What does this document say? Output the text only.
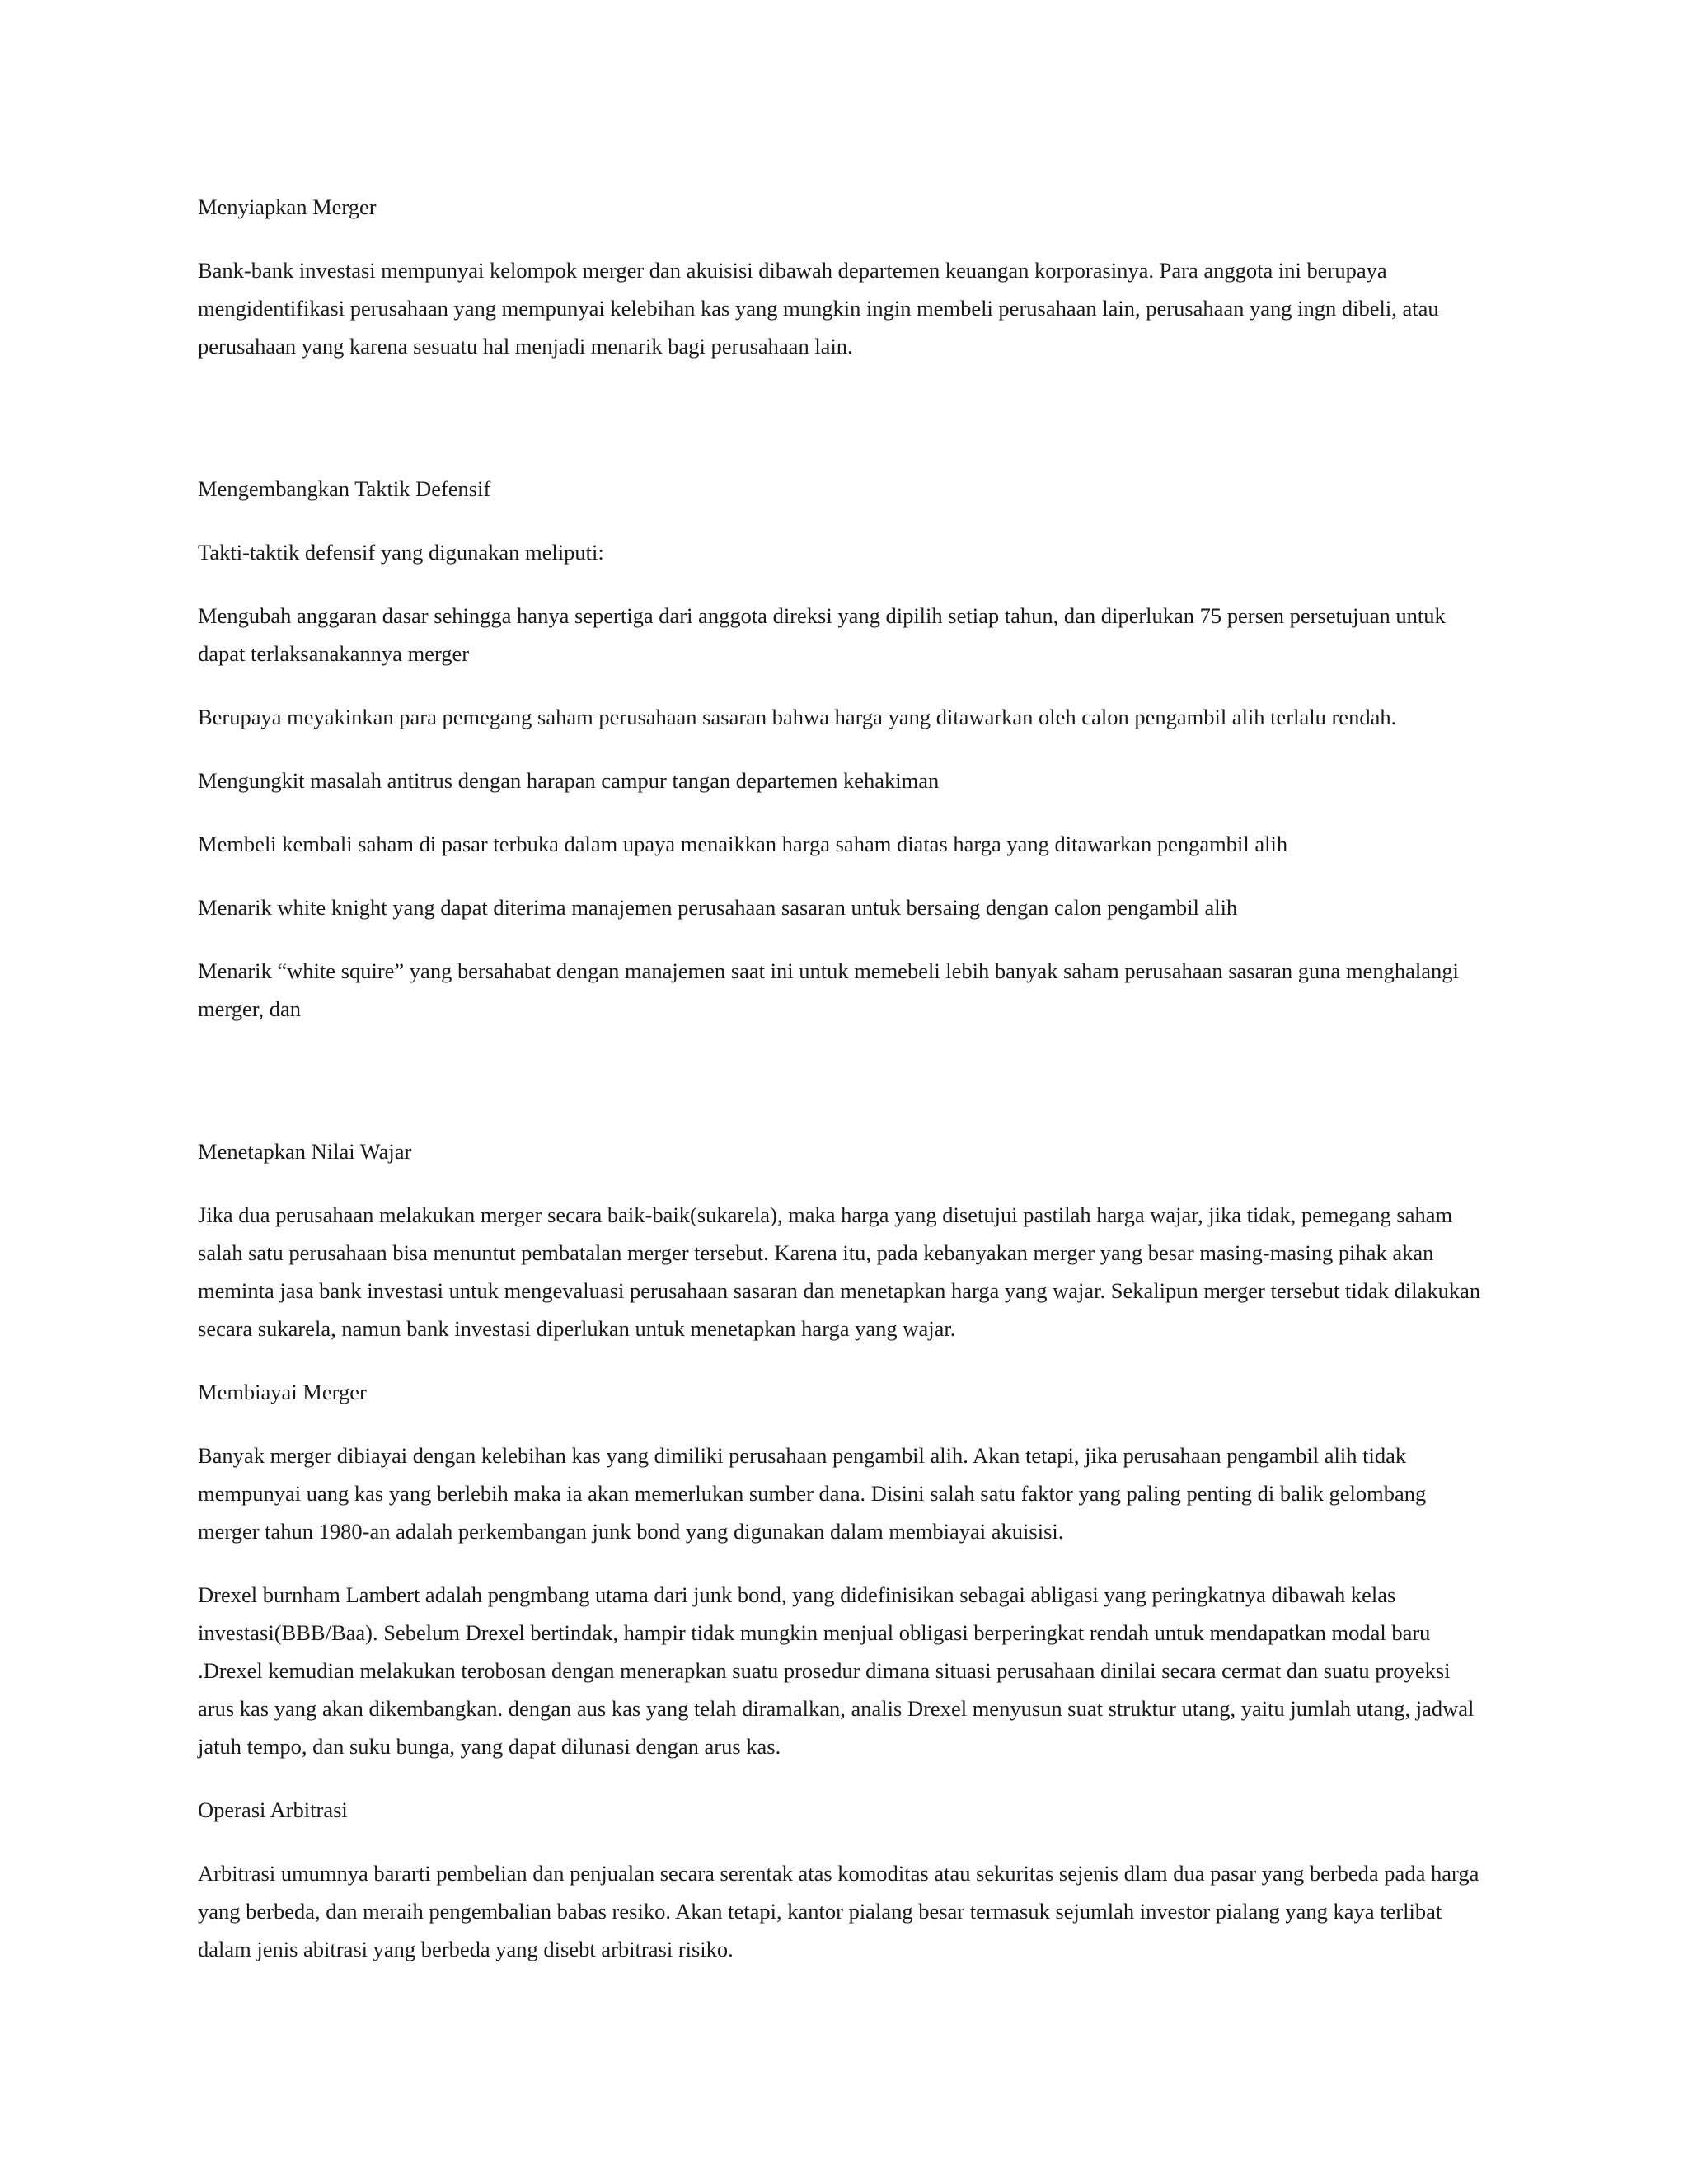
Menyiapkan Merger
Bank-bank investasi mempunyai kelompok merger dan akuisisi dibawah departemen keuangan korporasinya. Para anggota ini berupaya mengidentifikasi perusahaan yang mempunyai kelebihan kas yang mungkin ingin membeli perusahaan lain, perusahaan yang ingn dibeli, atau perusahaan yang karena sesuatu hal menjadi menarik bagi perusahaan lain.
Mengembangkan Taktik Defensif
Takti-taktik defensif yang digunakan meliputi:
Mengubah anggaran dasar sehingga hanya sepertiga dari anggota direksi yang dipilih setiap tahun, dan diperlukan 75 persen persetujuan untuk dapat terlaksanakannya merger
Berupaya meyakinkan para pemegang saham perusahaan sasaran bahwa harga yang ditawarkan oleh calon pengambil alih terlalu rendah.
Mengungkit masalah antitrus dengan harapan campur tangan departemen kehakiman
Membeli kembali saham di pasar terbuka dalam upaya menaikkan harga saham diatas harga yang ditawarkan pengambil alih
Menarik white knight yang dapat diterima manajemen perusahaan sasaran untuk bersaing dengan calon pengambil alih
Menarik “white squire” yang bersahabat dengan manajemen saat ini untuk memebeli lebih banyak saham perusahaan sasaran guna menghalangi merger, dan
Menetapkan Nilai Wajar
Jika dua perusahaan melakukan merger secara baik-baik(sukarela), maka harga yang disetujui pastilah harga wajar, jika tidak, pemegang saham salah satu perusahaan bisa menuntut pembatalan merger tersebut. Karena itu, pada kebanyakan merger yang besar masing-masing pihak akan meminta jasa bank investasi untuk mengevaluasi perusahaan sasaran dan menetapkan harga yang wajar. Sekalipun merger tersebut tidak dilakukan secara sukarela, namun bank investasi diperlukan untuk menetapkan harga yang wajar.
Membiayai Merger
Banyak merger dibiayai dengan kelebihan kas yang dimiliki perusahaan pengambil alih. Akan tetapi, jika perusahaan pengambil alih tidak mempunyai uang kas yang berlebih maka ia akan memerlukan sumber dana. Disini salah satu faktor yang paling penting di balik gelombang merger tahun 1980-an adalah perkembangan junk bond yang digunakan dalam membiayai akuisisi.
Drexel burnham Lambert adalah pengmbang utama dari junk bond, yang didefinisikan sebagai abligasi yang peringkatnya dibawah kelas investasi(BBB/Baa). Sebelum Drexel bertindak, hampir tidak mungkin menjual obligasi berperingkat rendah untuk mendapatkan modal baru .Drexel kemudian melakukan terobosan dengan menerapkan suatu prosedur dimana situasi perusahaan dinilai secara cermat dan suatu proyeksi arus kas yang akan dikembangkan. dengan aus kas yang telah diramalkan, analis Drexel menyusun suat struktur utang, yaitu jumlah utang, jadwal jatuh tempo, dan suku bunga, yang dapat dilunasi dengan arus kas.
Operasi Arbitrasi
Arbitrasi umumnya bararti pembelian dan penjualan secara serentak atas komoditas atau sekuritas sejenis dlam dua pasar yang berbeda pada harga yang berbeda, dan meraih pengembalian babas resiko. Akan tetapi, kantor pialang besar termasuk sejumlah investor pialang yang kaya terlibat dalam jenis abitrasi yang berbeda yang disebt arbitrasi risiko.
